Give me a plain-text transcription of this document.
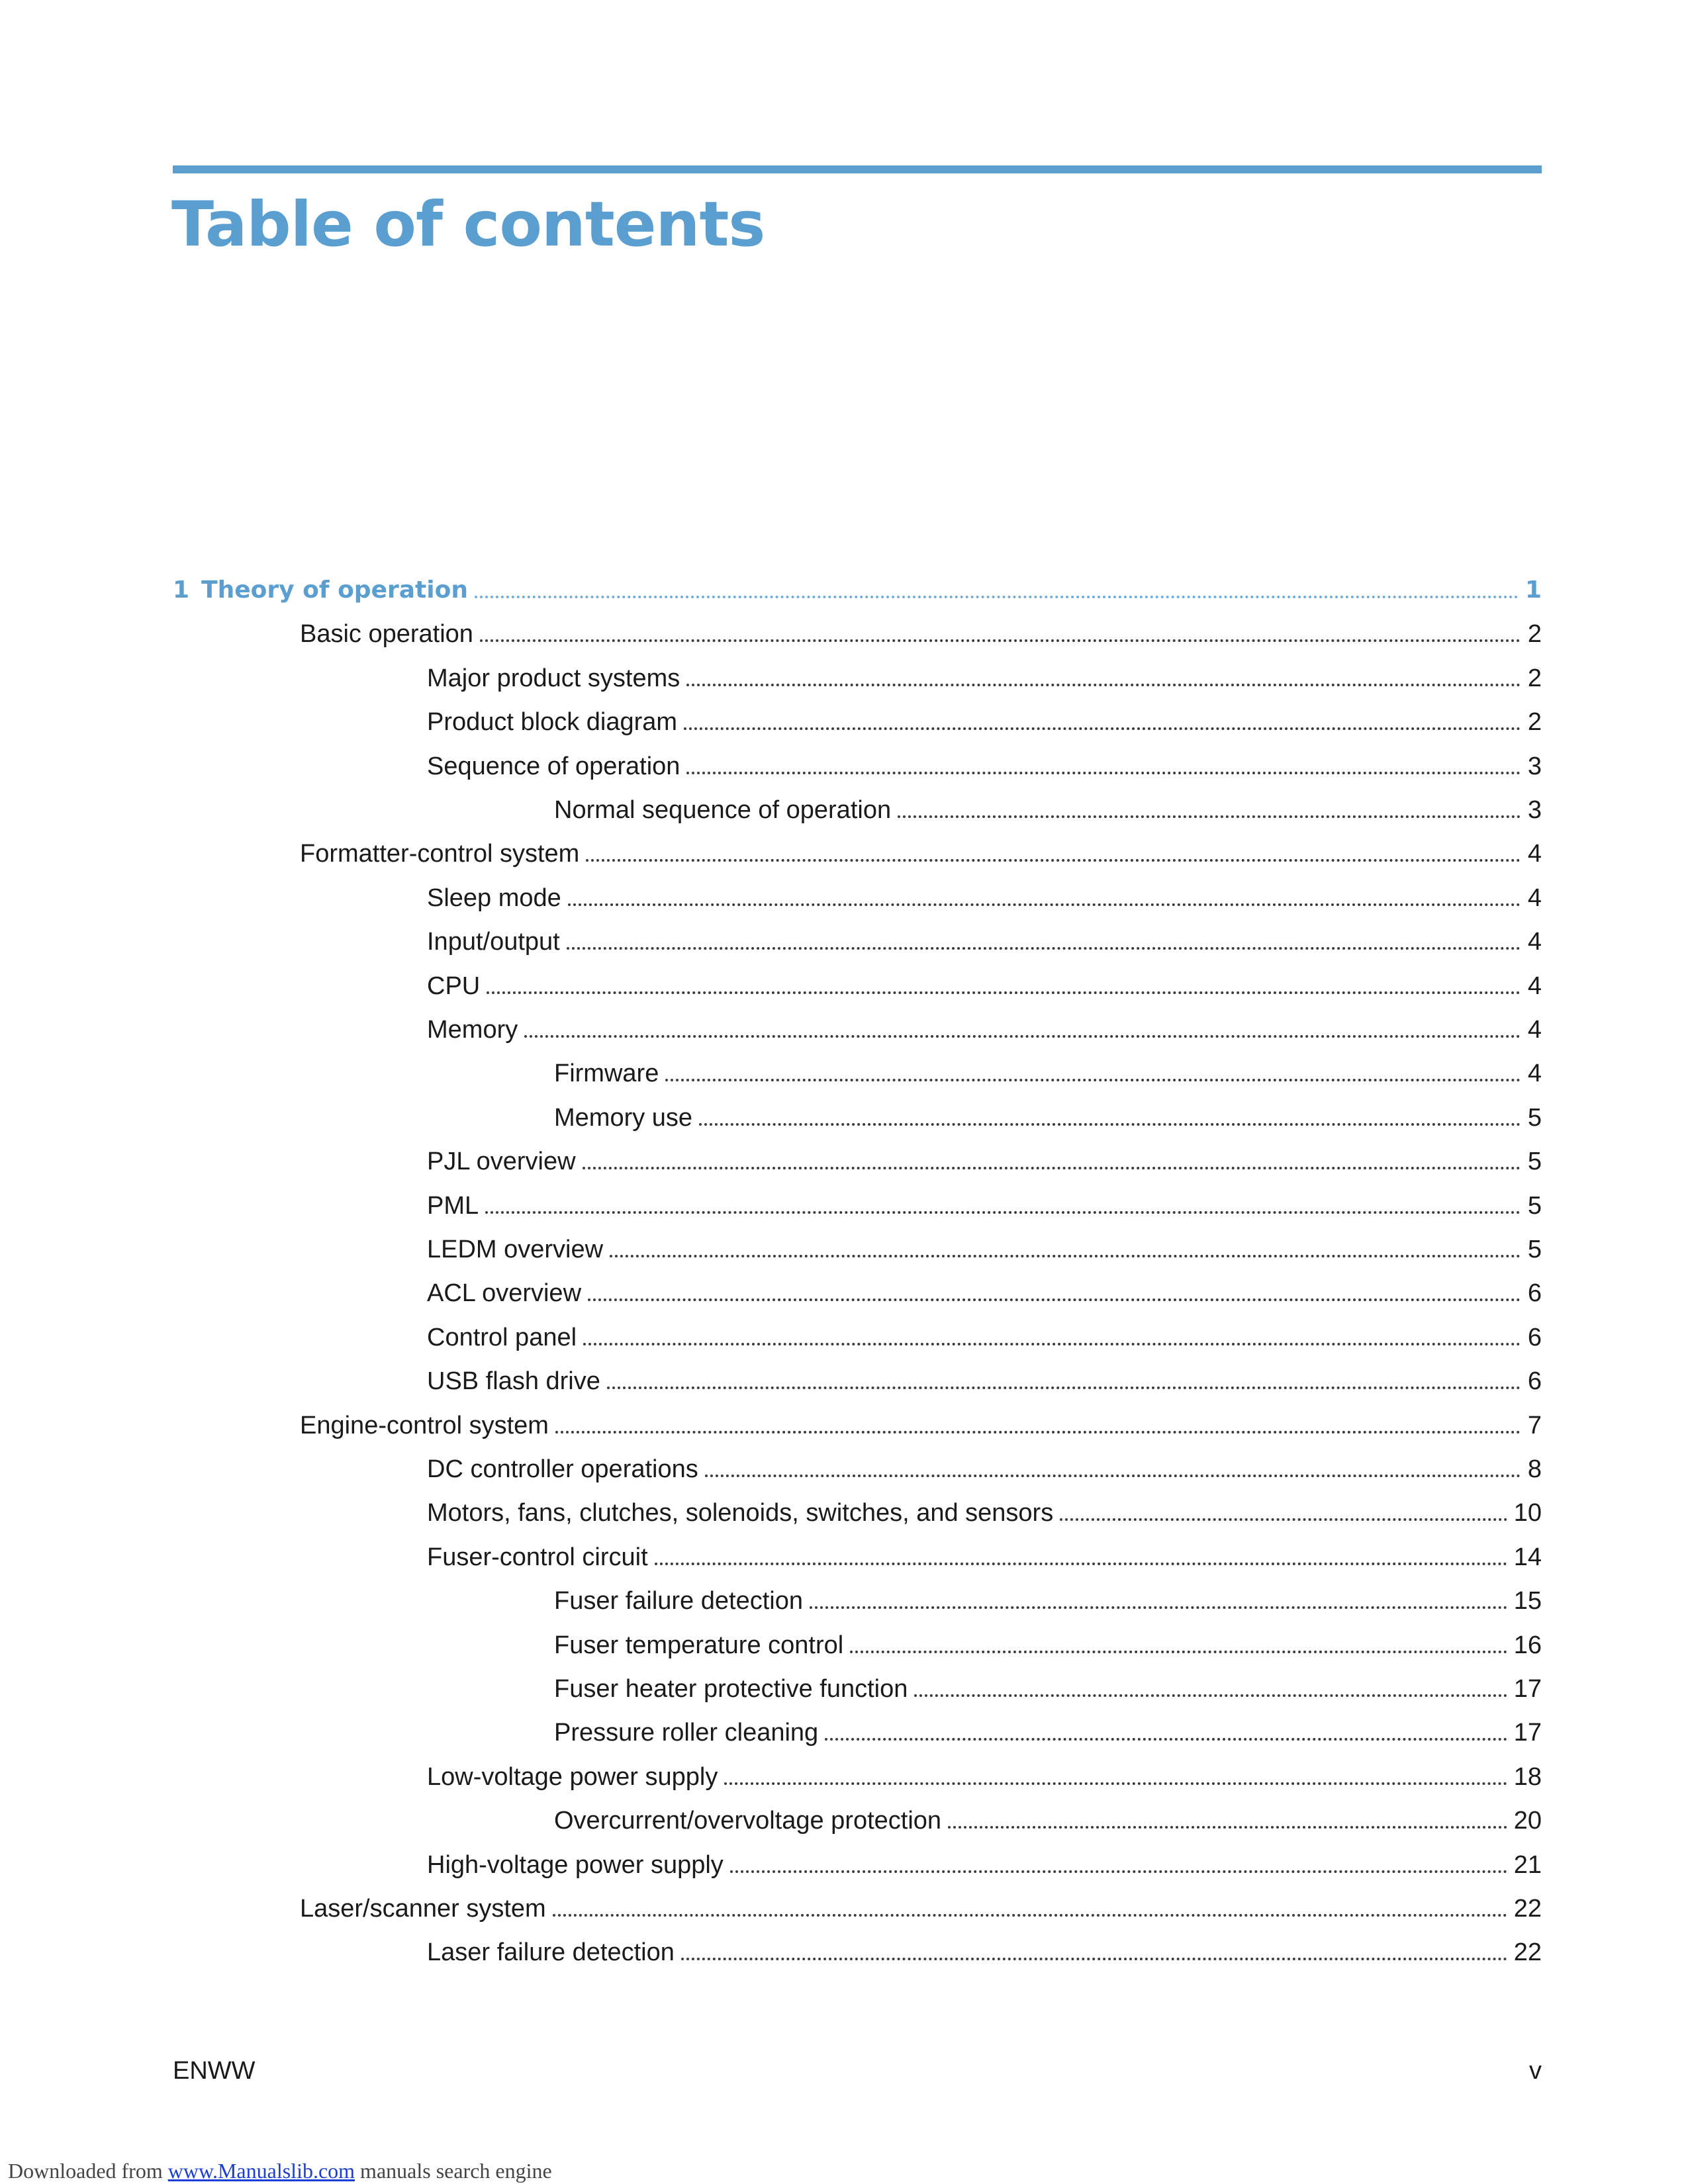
Table of contents
1 Theory of operation	1
Basic operation	2
Major product systems	2
Product block diagram	2
Sequence of operation	3
Normal sequence of operation	3
Formatter-control system	4
Sleep mode	4
Input/output	4
CPU	4
Memory	4
Firmware	4
Memory use	5
PJL overview	5
PML	5
LEDM overview	5
ACL overview	6
Control panel	6
USB flash drive	6
Engine-control system	7
DC controller operations	8
Motors, fans, clutches, solenoids, switches, and sensors	10
Fuser-control circuit	14
Fuser failure detection	15
Fuser temperature control	16
Fuser heater protective function	17
Pressure roller cleaning	17
Low-voltage power supply	18
Overcurrent/overvoltage protection	20
High-voltage power supply	21
Laser/scanner system	22
Laser failure detection	22
ENWW	v
Downloaded from www.Manualslib.com manuals search engine
